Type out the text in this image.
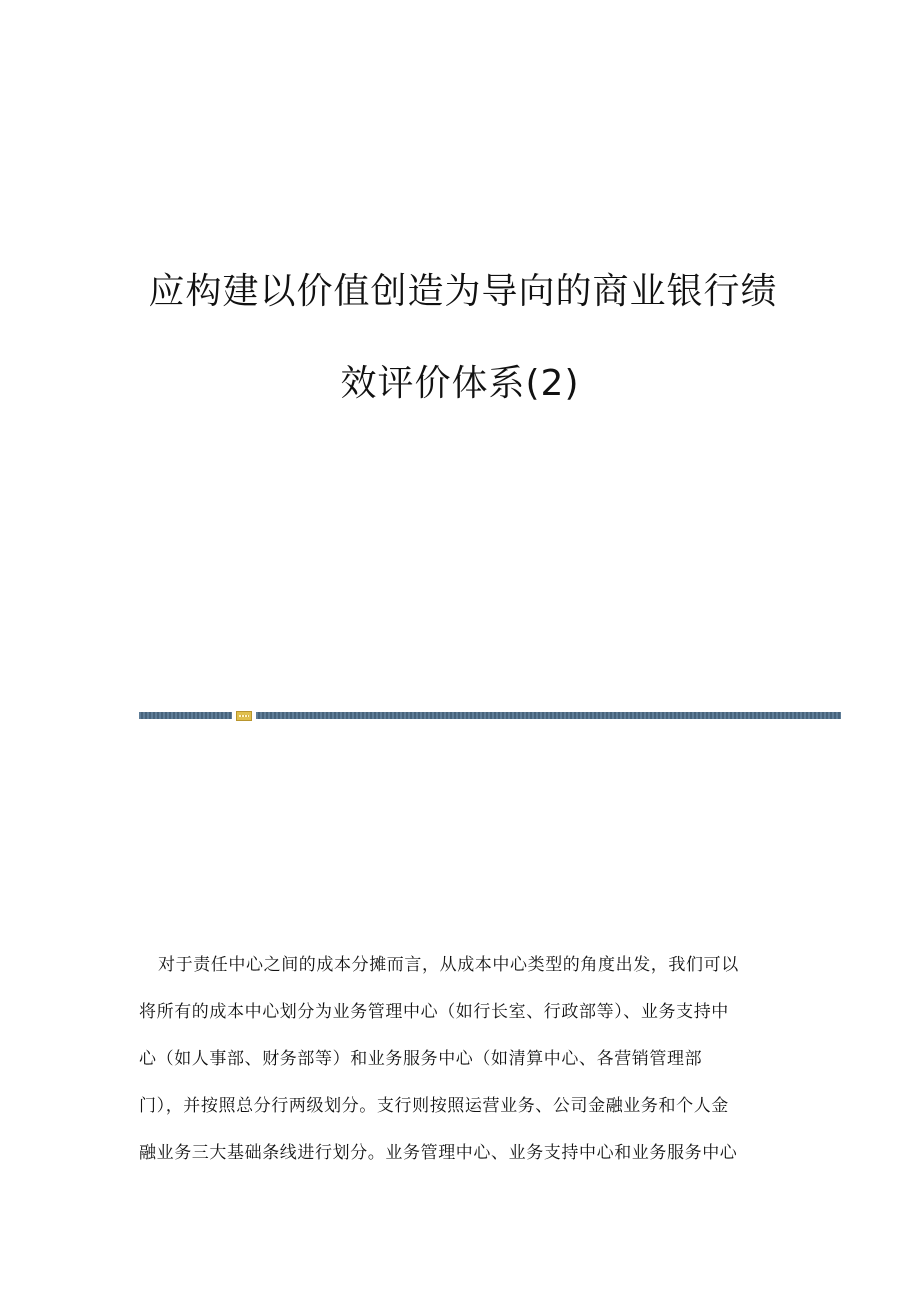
应构建以价值创造为导向的商业银行绩
效评价体系(2)
对于责任中心之间的成本分摊而言，从成本中心类型的角度出发，我们可以
将所有的成本中心划分为业务管理中心（如行长室、行政部等）、业务支持中
心（如人事部、财务部等）和业务服务中心（如清算中心、各营销管理部
门），并按照总分行两级划分。支行则按照运营业务、公司金融业务和个人金
融业务三大基础条线进行划分。业务管理中心、业务支持中心和业务服务中心
